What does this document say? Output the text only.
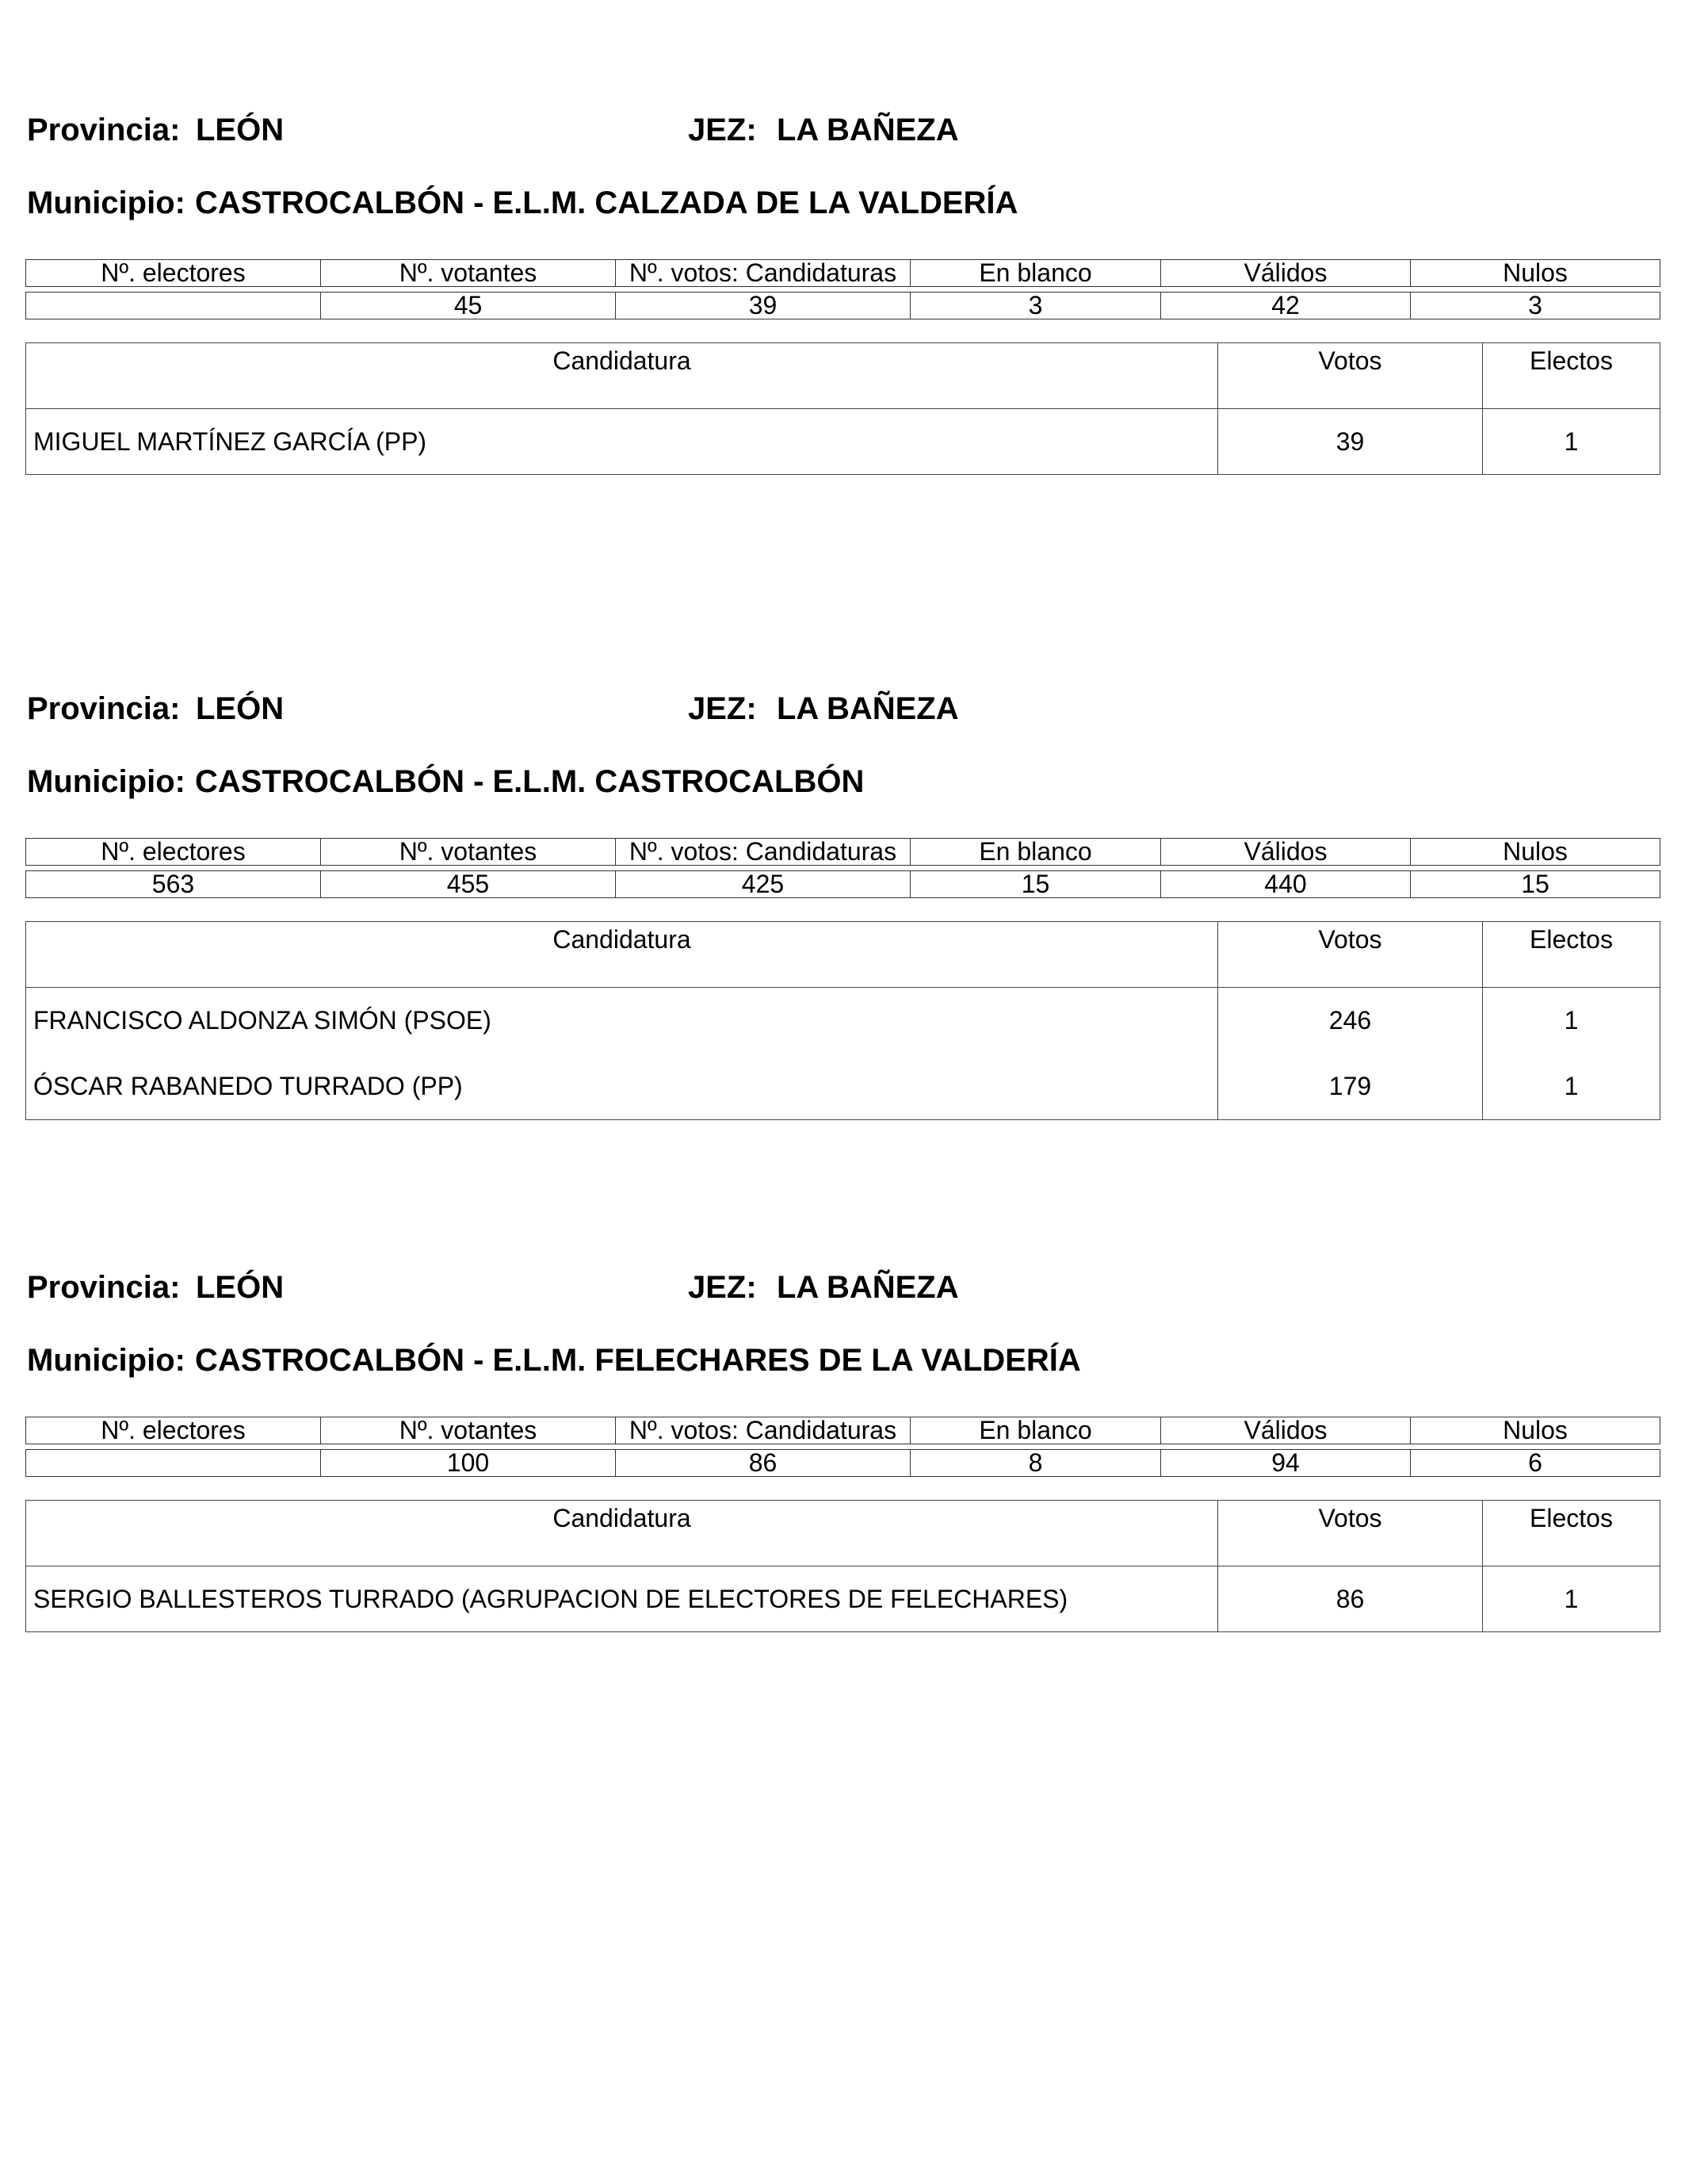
Provincia: LEÓN	JEZ: LA BAÑEZA
Municipio: CASTROCALBÓN - E.L.M. CALZADA DE LA VALDERÍA
Nº. electores	Nº. votantes	Nº. votos: Candidaturas	En blanco	Válidos	Nulos

	45	39	3	42	3
Candidatura	Votos	Electos
MIGUEL MARTÍNEZ GARCÍA (PP)	39	1
Provincia: LEÓN	JEZ: LA BAÑEZA
Municipio: CASTROCALBÓN - E.L.M. CASTROCALBÓN
Nº. electores	Nº. votantes	Nº. votos: Candidaturas	En blanco	Válidos	Nulos

563	455	425	15	440	15
Candidatura	Votos	Electos
FRANCISCO ALDONZA SIMÓN (PSOE)	246	1
ÓSCAR RABANEDO TURRADO (PP)	179	1
Provincia: LEÓN	JEZ: LA BAÑEZA
Municipio: CASTROCALBÓN - E.L.M. FELECHARES DE LA VALDERÍA
Nº. electores	Nº. votantes	Nº. votos: Candidaturas	En blanco	Válidos	Nulos

	100	86	8	94	6
Candidatura	Votos	Electos
SERGIO BALLESTEROS TURRADO (AGRUPACION DE ELECTORES DE FELECHARES)	86	1
